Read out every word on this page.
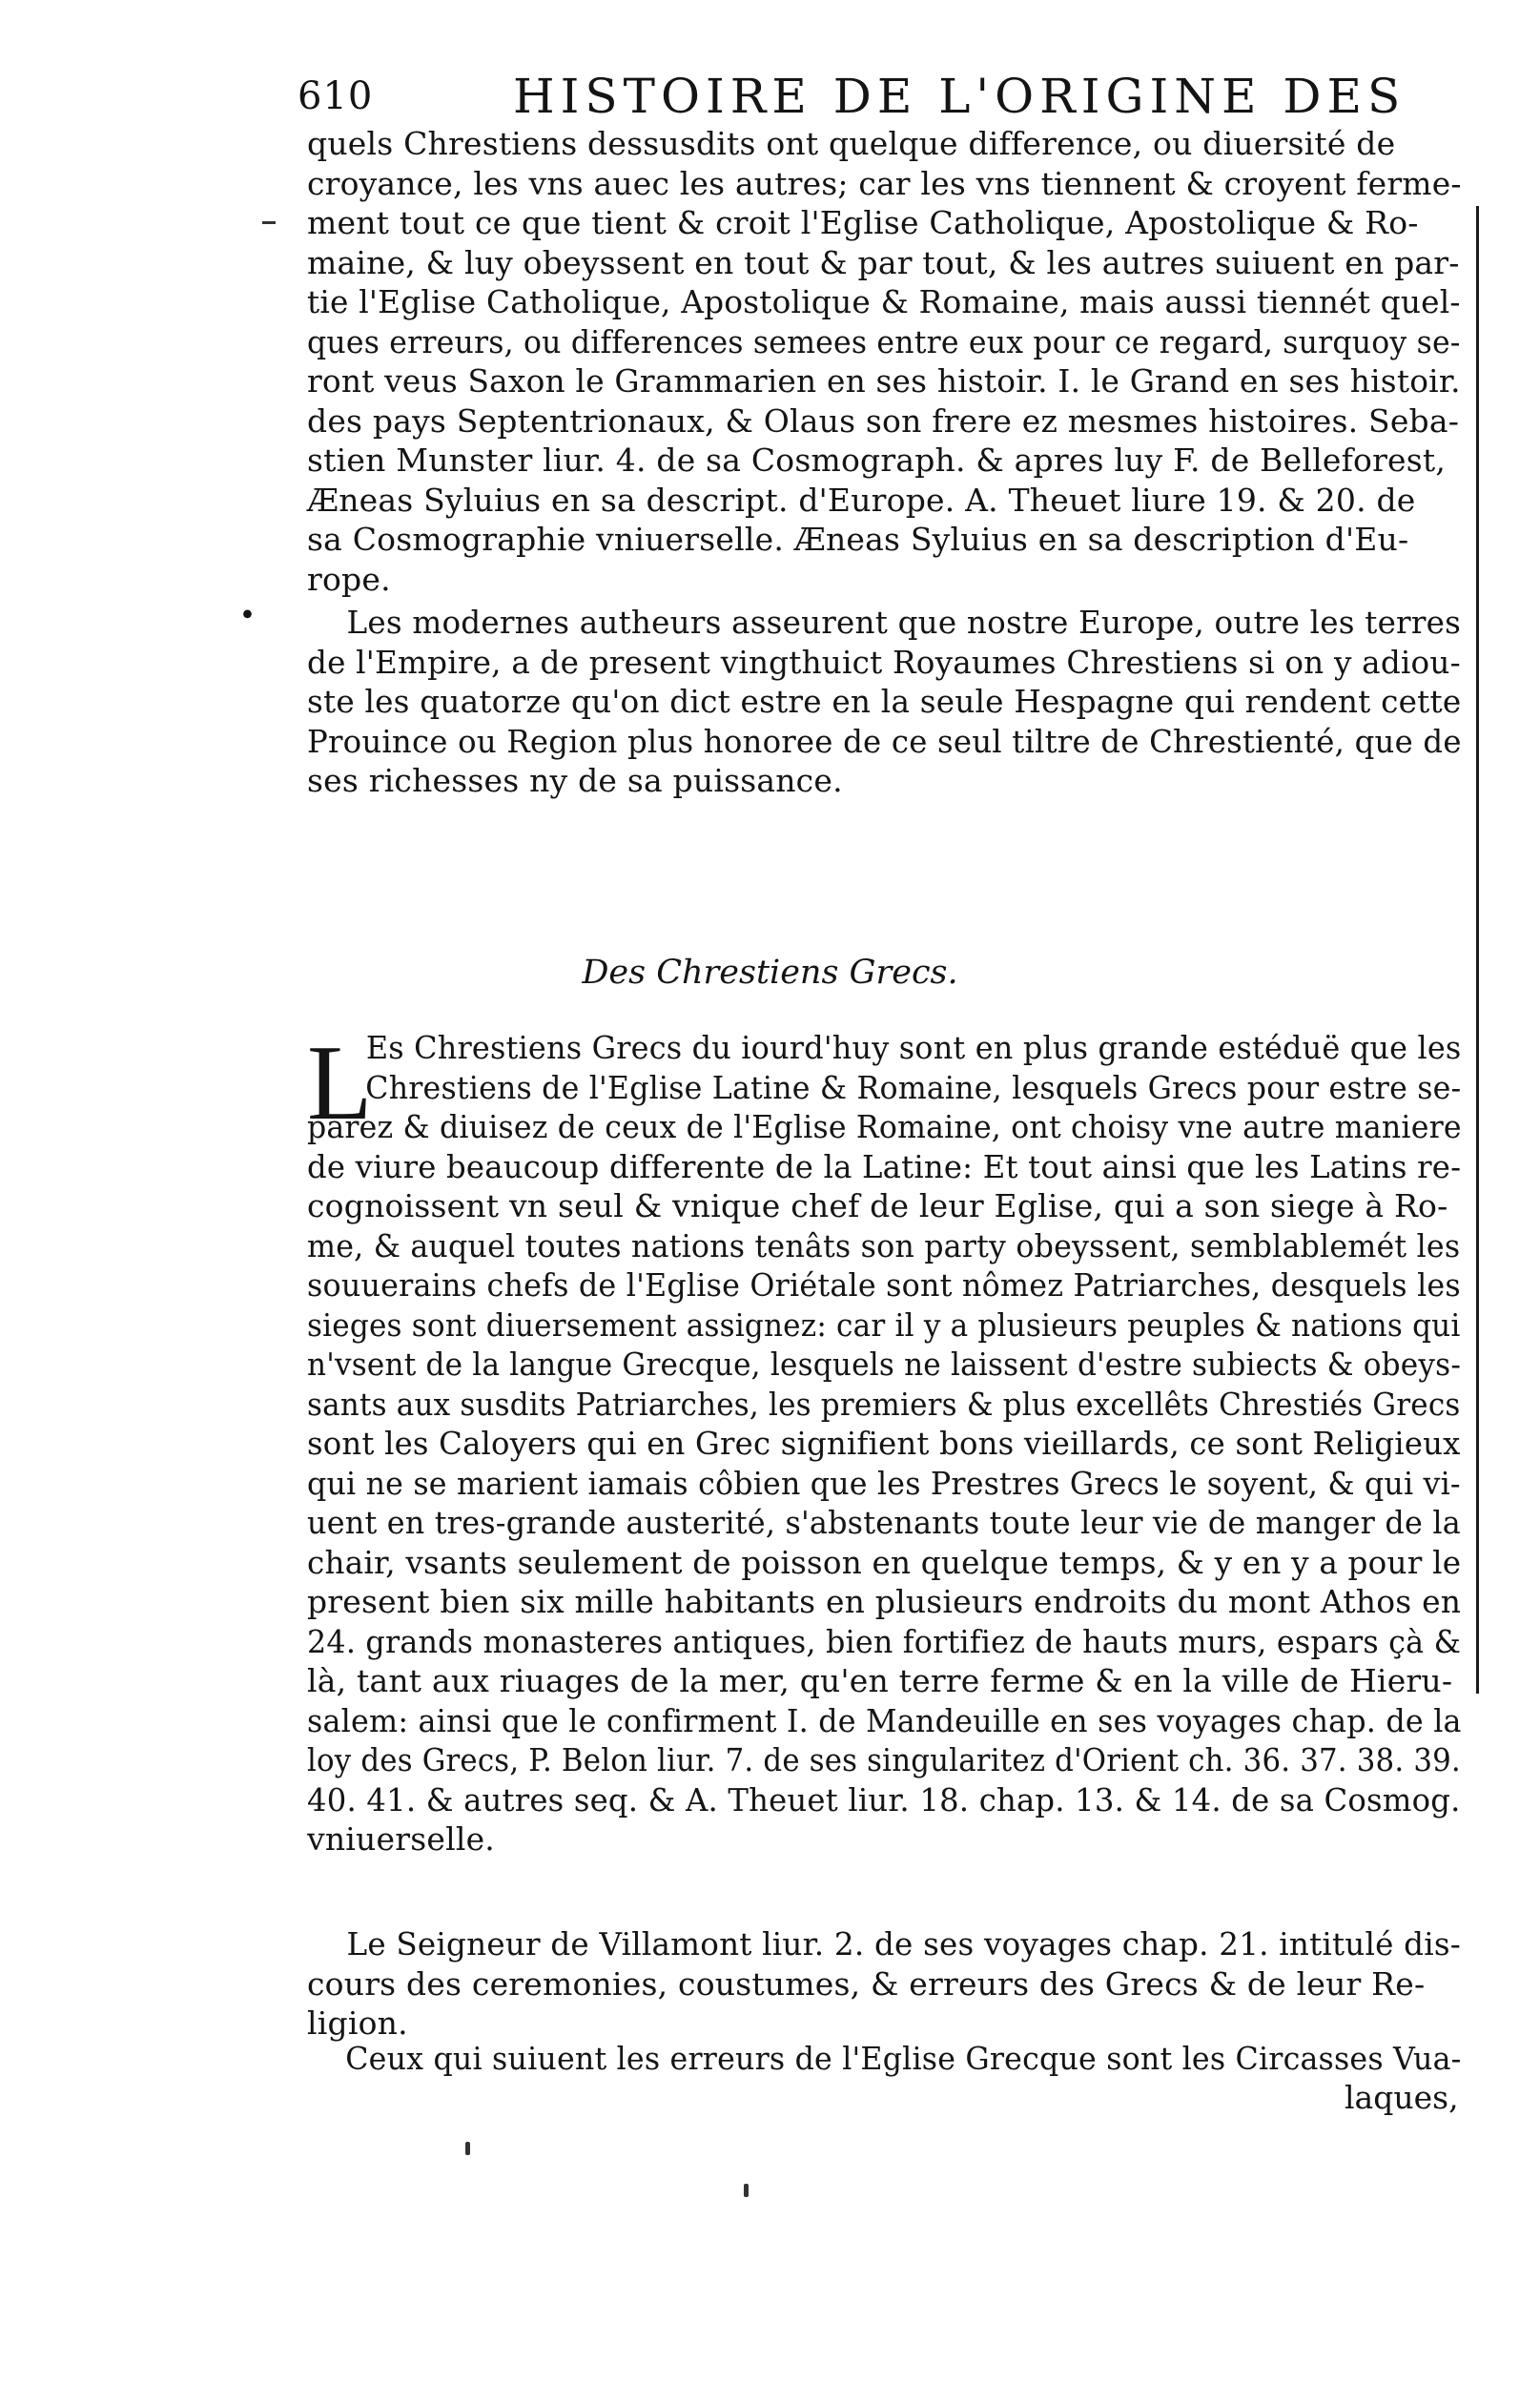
610	HISTOIRE DE L'ORIGINE DES
•
quels Chrestiens dessusdits ont quelque difference, ou diuersité de
croyance, les vns auec les autres; car les vns tiennent & croyent ferme-
ment tout ce que tient & croit l'Eglise Catholique, Apostolique & Ro-
maine, & luy obeyssent en tout & par tout, & les autres suiuent en par-
tie l'Eglise Catholique, Apostolique & Romaine, mais aussi tiennét quel-
ques erreurs, ou differences semees entre eux pour ce regard, surquoy se-
ront veus Saxon le Grammarien en ses histoir. I. le Grand en ses histoir.
des pays Septentrionaux, & Olaus son frere ez mesmes histoires. Seba-
stien Munster liur. 4. de sa Cosmograph. & apres luy F. de Belleforest,
Æneas Syluius en sa descript. d'Europe. A. Theuet liure 19. & 20. de
sa Cosmographie vniuerselle. Æneas Syluius en sa description d'Eu-
rope.
Les modernes autheurs asseurent que nostre Europe, outre les terres
de l'Empire, a de present vingthuict Royaumes Chrestiens si on y adiou-
ste les quatorze qu'on dict estre en la seule Hespagne qui rendent cette
Prouince ou Region plus honoree de ce seul tiltre de Chrestienté, que de
ses richesses ny de sa puissance.
Des Chrestiens Grecs.
L
Es Chrestiens Grecs du iourd'huy sont en plus grande estéduë que les
Chrestiens de l'Eglise Latine & Romaine, lesquels Grecs pour estre se-
parez & diuisez de ceux de l'Eglise Romaine, ont choisy vne autre maniere
de viure beaucoup differente de la Latine: Et tout ainsi que les Latins re-
cognoissent vn seul & vnique chef de leur Eglise, qui a son siege à Ro-
me, & auquel toutes nations tenâts son party obeyssent, semblablemét les
souuerains chefs de l'Eglise Oriétale sont nômez Patriarches, desquels les
sieges sont diuersement assignez: car il y a plusieurs peuples & nations qui
n'vsent de la langue Grecque, lesquels ne laissent d'estre subiects & obeys-
sants aux susdits Patriarches, les premiers & plus excellêts Chrestiés Grecs
sont les Caloyers qui en Grec signifient bons vieillards, ce sont Religieux
qui ne se marient iamais côbien que les Prestres Grecs le soyent, & qui vi-
uent en tres-grande austerité, s'abstenants toute leur vie de manger de la
chair, vsants seulement de poisson en quelque temps, & y en y a pour le
present bien six mille habitants en plusieurs endroits du mont Athos en
24. grands monasteres antiques, bien fortifiez de hauts murs, espars çà &
là, tant aux riuages de la mer, qu'en terre ferme & en la ville de Hieru-
salem: ainsi que le confirment I. de Mandeuille en ses voyages chap. de la
loy des Grecs, P. Belon liur. 7. de ses singularitez d'Orient ch. 36. 37. 38. 39.
40. 41. & autres seq. & A. Theuet liur. 18. chap. 13. & 14. de sa Cosmog.
vniuerselle.
Le Seigneur de Villamont liur. 2. de ses voyages chap. 21. intitulé dis-
cours des ceremonies, coustumes, & erreurs des Grecs & de leur Re-
ligion.
Ceux qui suiuent les erreurs de l'Eglise Grecque sont les Circasses Vua-
laques,
